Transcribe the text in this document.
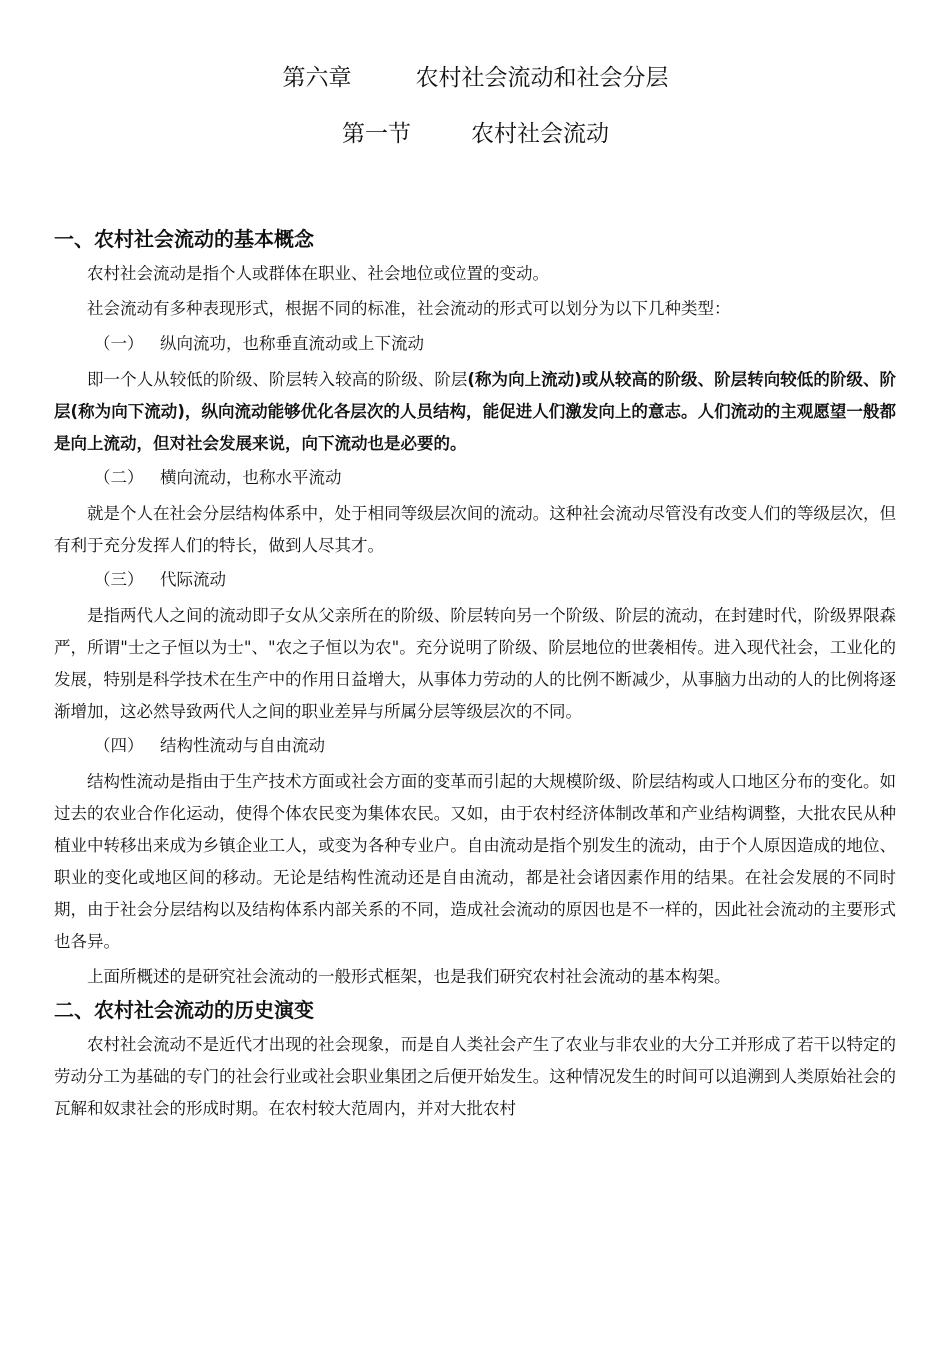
第六章	农村社会流动和社会分层
第一节	农村社会流动
一、农村社会流动的基本概念

农村社会流动是指个人或群体在职业、社会地位或位置的变动。

社会流动有多种表现形式，根据不同的标准，社会流动的形式可以划分为以下几种类型：

（一） 纵向流功，也称垂直流动或上下流动

即一个人从较低的阶级、阶层转入较高的阶级、阶层(称为向上流动)或从较高的阶级、阶层转向较低的阶级、阶层(称为向下流动)，纵向流动能够优化各层次的人员结构，能促进人们激发向上的意志。人们流动的主观愿望一般都是向上流动，但对社会发展来说，向下流动也是必要的。

（二） 横向流动，也称水平流动

就是个人在社会分层结构体系中，处于相同等级层次间的流动。这种社会流动尽管没有改变人们的等级层次，但有利于充分发挥人们的特长，做到人尽其才。

（三） 代际流动

是指两代人之间的流动即子女从父亲所在的阶级、阶层转向另一个阶级、阶层的流动，在封建时代，阶级界限森严，所谓"士之子恒以为士"、"农之子恒以为农"。充分说明了阶级、阶层地位的世袭相传。进入现代社会，工业化的发展，特别是科学技术在生产中的作用日益增大，从事体力劳动的人的比例不断减少，从事脑力出动的人的比例将逐渐增加，这必然导致两代人之间的职业差异与所属分层等级层次的不同。

（四） 结构性流动与自由流动

结构性流动是指由于生产技术方面或社会方面的变革而引起的大规模阶级、阶层结构或人口地区分布的变化。如过去的农业合作化运动，使得个体农民变为集体农民。又如，由于农村经济体制改革和产业结构调整，大批农民从种植业中转移出来成为乡镇企业工人，或变为各种专业户。自由流动是指个别发生的流动，由于个人原因造成的地位、职业的变化或地区间的移动。无论是结构性流动还是自由流动，都是社会诸因素作用的结果。在社会发展的不同时期，由于社会分层结构以及结构体系内部关系的不同，造成社会流动的原因也是不一样的，因此社会流动的主要形式也各异。

上面所概述的是研究社会流动的一般形式框架，也是我们研究农村社会流动的基本构架。

二、农村社会流动的历史演变

农村社会流动不是近代才出现的社会现象，而是自人类社会产生了农业与非农业的大分工并形成了若干以特定的劳动分工为基础的专门的社会行业或社会职业集团之后便开始发生。这种情况发生的时间可以追溯到人类原始社会的瓦解和奴隶社会的形成时期。在农村较大范周内，并对大批农村
